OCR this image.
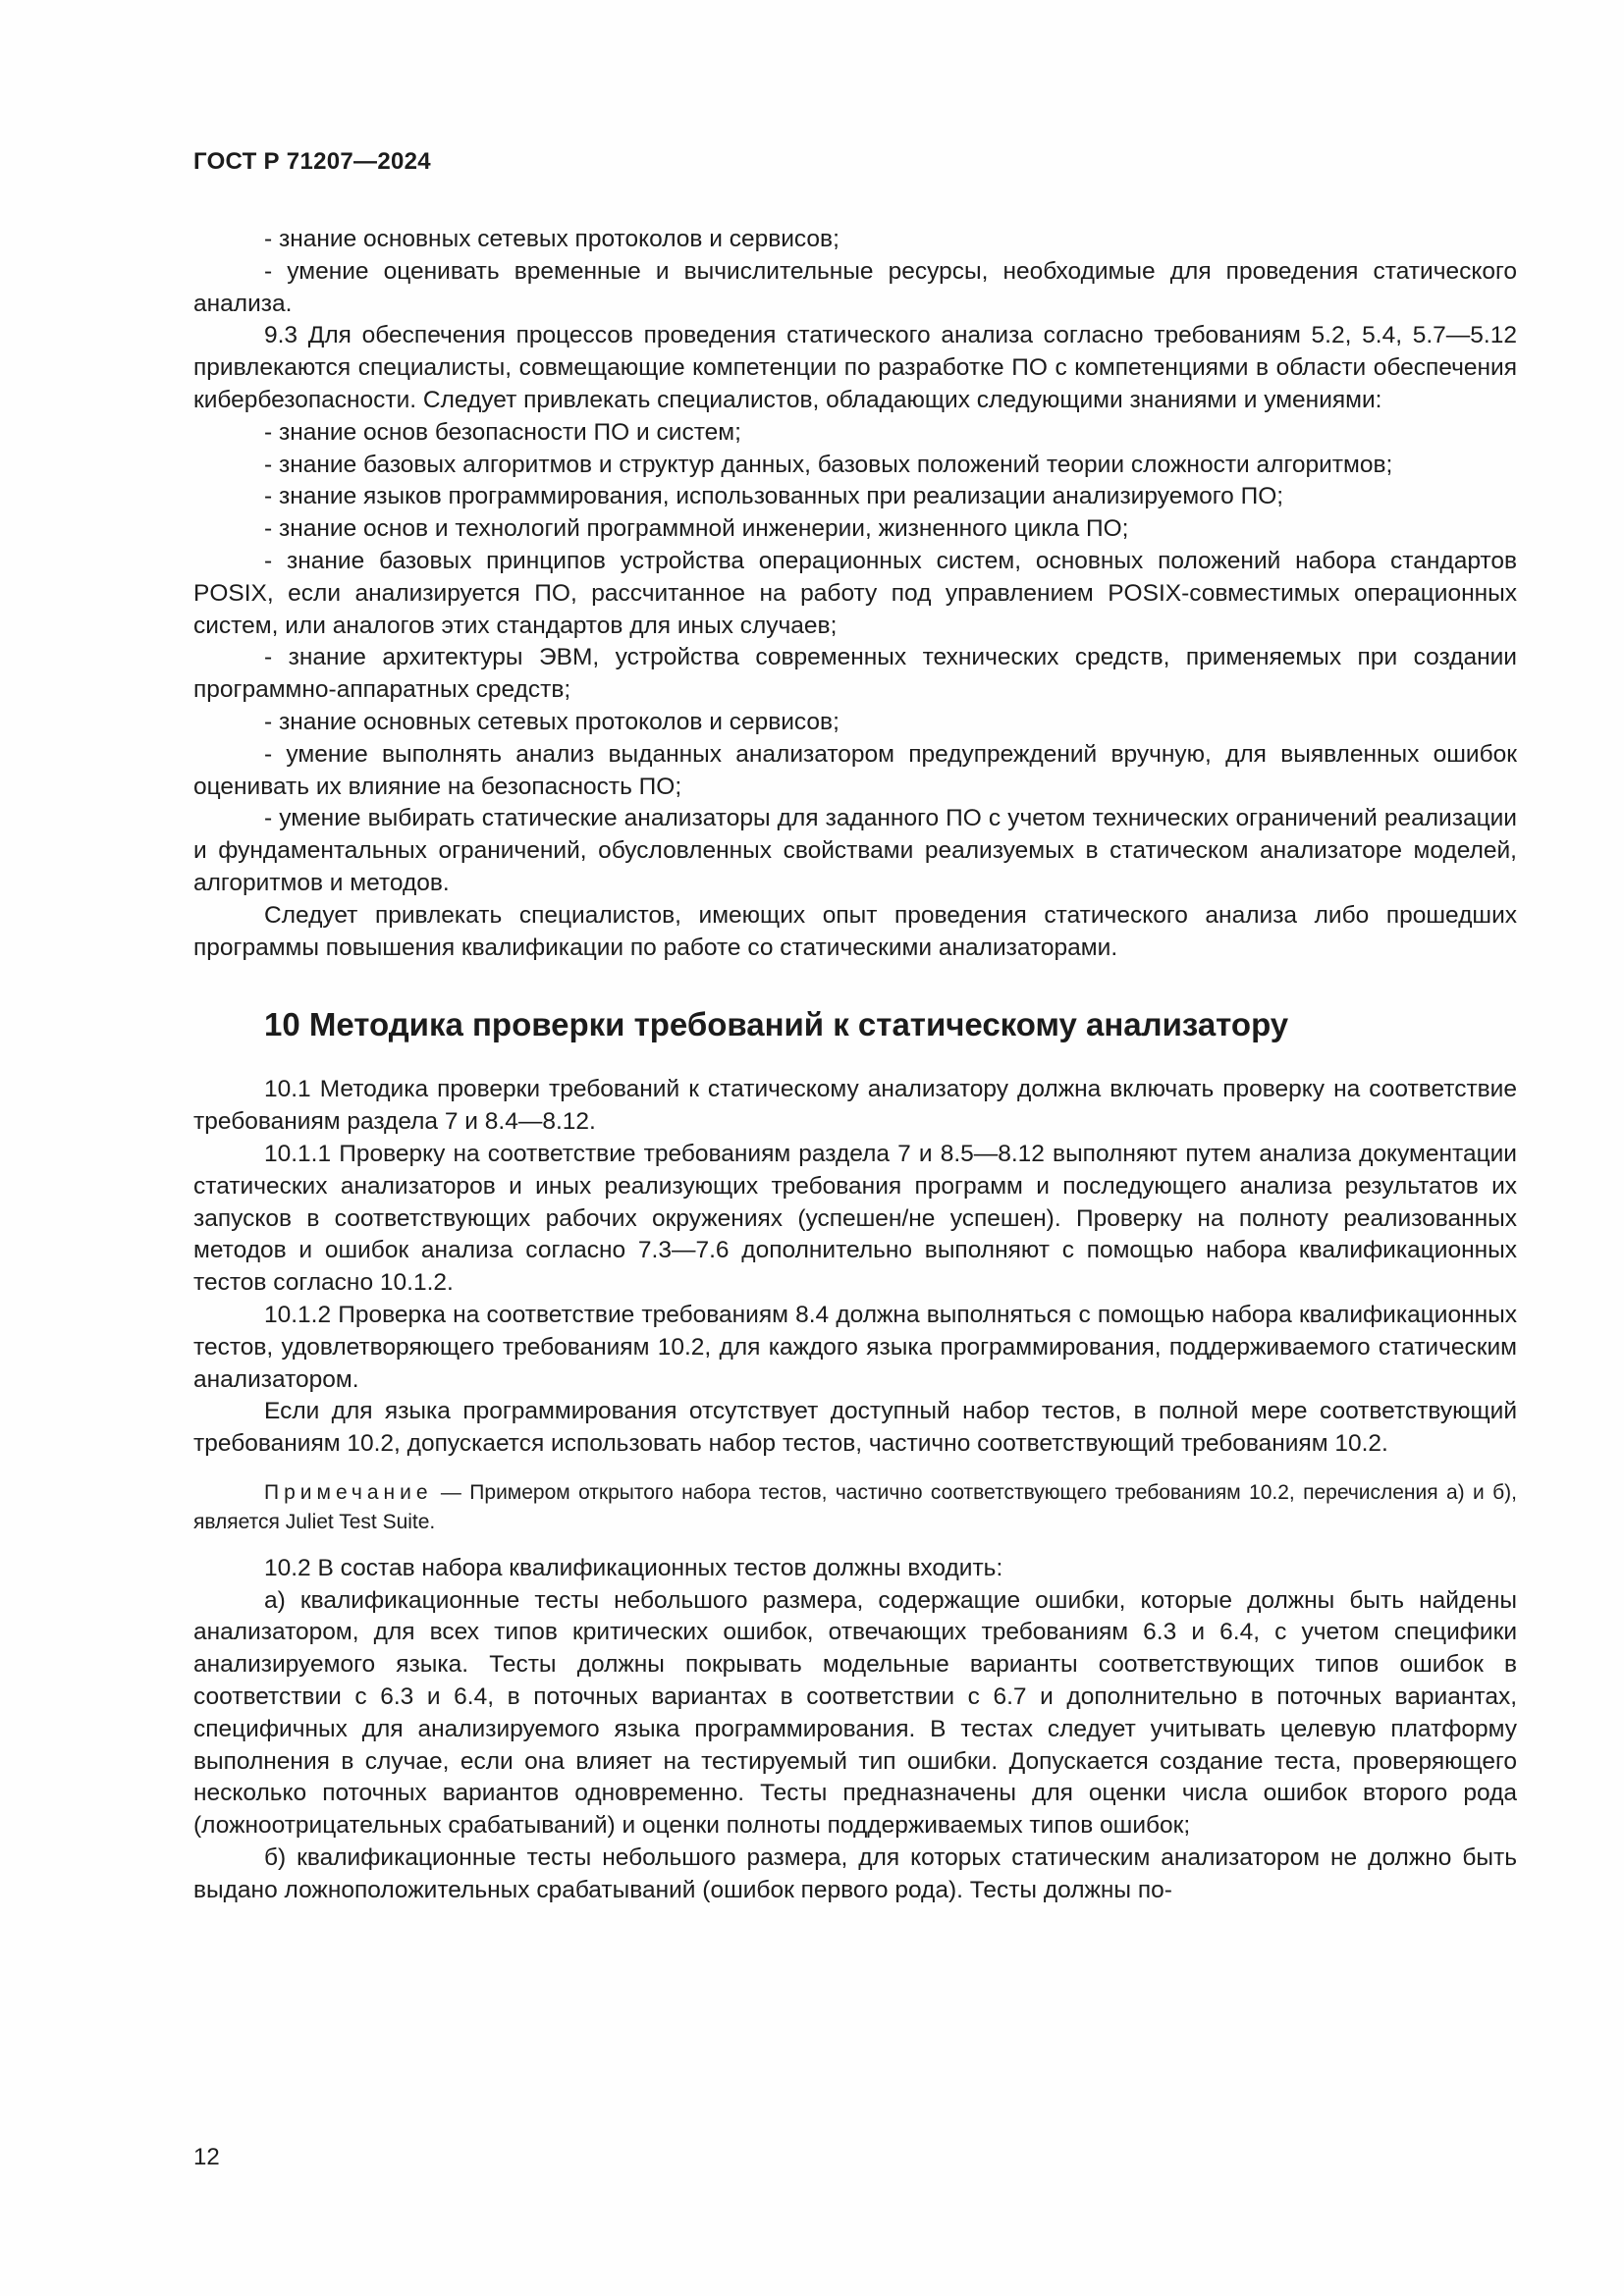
ГОСТ Р 71207—2024

- знание основных сетевых протоколов и сервисов;

- умение оценивать временные и вычислительные ресурсы, необходимые для проведения статического анализа.

9.3 Для обеспечения процессов проведения статического анализа согласно требованиям 5.2, 5.4, 5.7—5.12 привлекаются специалисты, совмещающие компетенции по разработке ПО с компетенциями в области обеспечения кибербезопасности. Следует привлекать специалистов, обладающих следующими знаниями и умениями:

- знание основ безопасности ПО и систем;

- знание базовых алгоритмов и структур данных, базовых положений теории сложности алгоритмов;

- знание языков программирования, использованных при реализации анализируемого ПО;

- знание основ и технологий программной инженерии, жизненного цикла ПО;

- знание базовых принципов устройства операционных систем, основных положений набора стандартов POSIX, если анализируется ПО, рассчитанное на работу под управлением POSIX-совместимых операционных систем, или аналогов этих стандартов для иных случаев;

- знание архитектуры ЭВМ, устройства современных технических средств, применяемых при создании программно-аппаратных средств;

- знание основных сетевых протоколов и сервисов;

- умение выполнять анализ выданных анализатором предупреждений вручную, для выявленных ошибок оценивать их влияние на безопасность ПО;

- умение выбирать статические анализаторы для заданного ПО с учетом технических ограничений реализации и фундаментальных ограничений, обусловленных свойствами реализуемых в статическом анализаторе моделей, алгоритмов и методов.

Следует привлекать специалистов, имеющих опыт проведения статического анализа либо прошедших программы повышения квалификации по работе со статическими анализаторами.

10 Методика проверки требований к статическому анализатору

10.1 Методика проверки требований к статическому анализатору должна включать проверку на соответствие требованиям раздела 7 и 8.4—8.12.

10.1.1 Проверку на соответствие требованиям раздела 7 и 8.5—8.12 выполняют путем анализа документации статических анализаторов и иных реализующих требования программ и последующего анализа результатов их запусков в соответствующих рабочих окружениях (успешен/не успешен). Проверку на полноту реализованных методов и ошибок анализа согласно 7.3—7.6 дополнительно выполняют с помощью набора квалификационных тестов согласно 10.1.2.

10.1.2 Проверка на соответствие требованиям 8.4 должна выполняться с помощью набора квалификационных тестов, удовлетворяющего требованиям 10.2, для каждого языка программирования, поддерживаемого статическим анализатором.

Если для языка программирования отсутствует доступный набор тестов, в полной мере соответствующий требованиям 10.2, допускается использовать набор тестов, частично соответствующий требованиям 10.2.

Примечание — Примером открытого набора тестов, частично соответствующего требованиям 10.2, перечисления а) и б), является Juliet Test Suite.

10.2 В состав набора квалификационных тестов должны входить:

а) квалификационные тесты небольшого размера, содержащие ошибки, которые должны быть найдены анализатором, для всех типов критических ошибок, отвечающих требованиям 6.3 и 6.4, с учетом специфики анализируемого языка. Тесты должны покрывать модельные варианты соответствующих типов ошибок в соответствии с 6.3 и 6.4, в поточных вариантах в соответствии с 6.7 и дополнительно в поточных вариантах, специфичных для анализируемого языка программирования. В тестах следует учитывать целевую платформу выполнения в случае, если она влияет на тестируемый тип ошибки. Допускается создание теста, проверяющего несколько поточных вариантов одновременно. Тесты предназначены для оценки числа ошибок второго рода (ложноотрицательных срабатываний) и оценки полноты поддерживаемых типов ошибок;

б) квалификационные тесты небольшого размера, для которых статическим анализатором не должно быть выдано ложноположительных срабатываний (ошибок первого рода). Тесты должны по-

12
